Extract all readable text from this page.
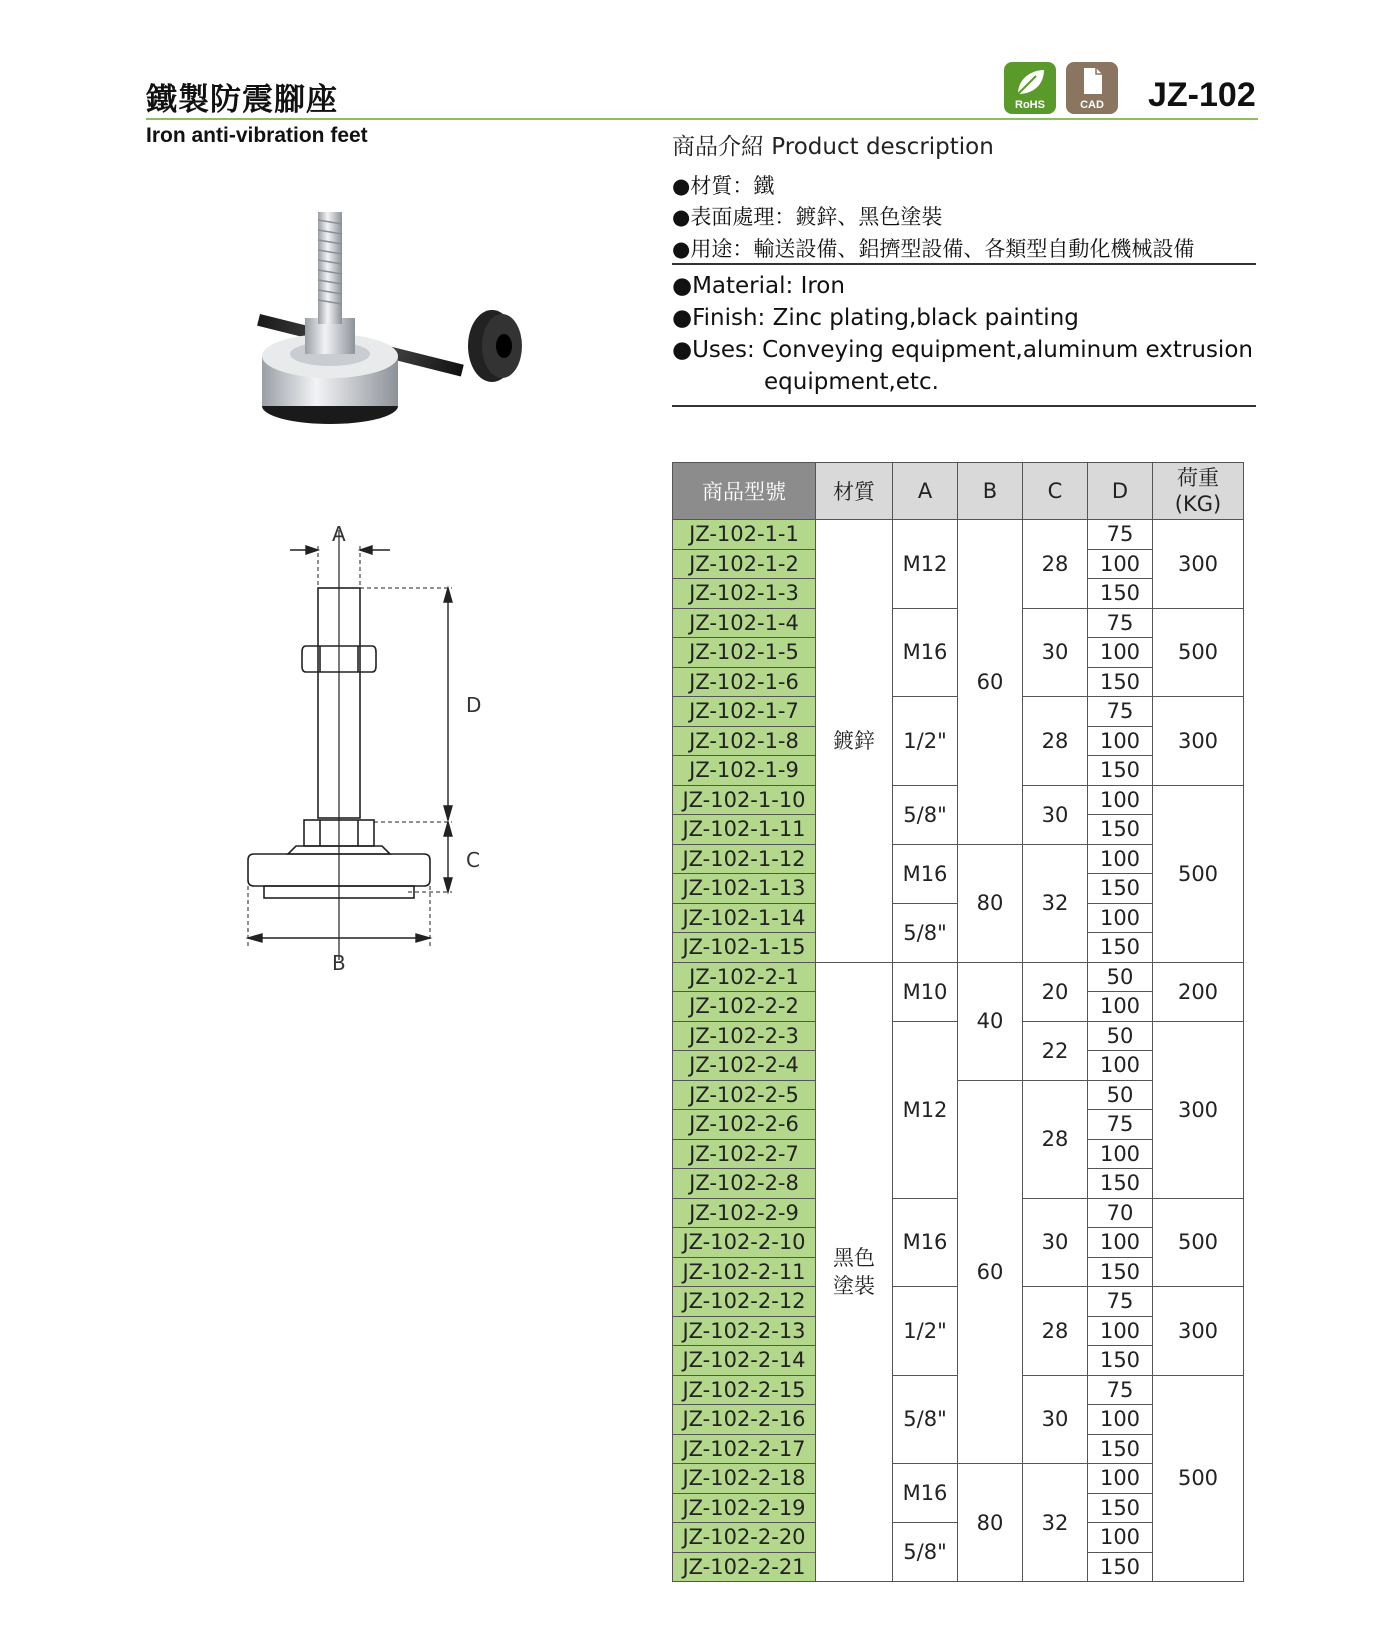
鐵製防震腳座
Iron anti-vibration feet
RoHS	CAD	JZ-102
A
D
C
B
商品介紹 Product description
●材質：鐵
●表面處理：鍍鋅、黑色塗裝
●用途：輸送設備、鋁擠型設備、各類型自動化機械設備
●Material: Iron
●Finish: Zinc plating,black painting
●Uses: Conveying equipment,aluminum extrusion
equipment,etc.
商品型號	材質	A	B	C	D	荷重
(KG)
JZ-102-1-1	鍍鋅	M12	60	28	75	300
JZ-102-1-2					100	
JZ-102-1-3					150	
JZ-102-1-4		M16		30	75	500
JZ-102-1-5					100	
JZ-102-1-6					150	
JZ-102-1-7		1/2"		28	75	300
JZ-102-1-8					100	
JZ-102-1-9					150	
JZ-102-1-10		5/8"		30	100	500
JZ-102-1-11					150	
JZ-102-1-12		M16	80	32	100	
JZ-102-1-13					150	
JZ-102-1-14		5/8"			100	
JZ-102-1-15					150	
JZ-102-2-1	黑色塗裝	M10	40	20	50	200
JZ-102-2-2					100	
JZ-102-2-3		M12		22	50	300
JZ-102-2-4					100	
JZ-102-2-5			60	28	50	
JZ-102-2-6					75	
JZ-102-2-7					100	
JZ-102-2-8					150	
JZ-102-2-9		M16		30	70	500
JZ-102-2-10					100	
JZ-102-2-11					150	
JZ-102-2-12		1/2"		28	75	300
JZ-102-2-13					100	
JZ-102-2-14					150	
JZ-102-2-15		5/8"		30	75	500
JZ-102-2-16					100	
JZ-102-2-17					150	
JZ-102-2-18		M16	80	32	100	
JZ-102-2-19					150	
JZ-102-2-20		5/8"			100	
JZ-102-2-21					150	
